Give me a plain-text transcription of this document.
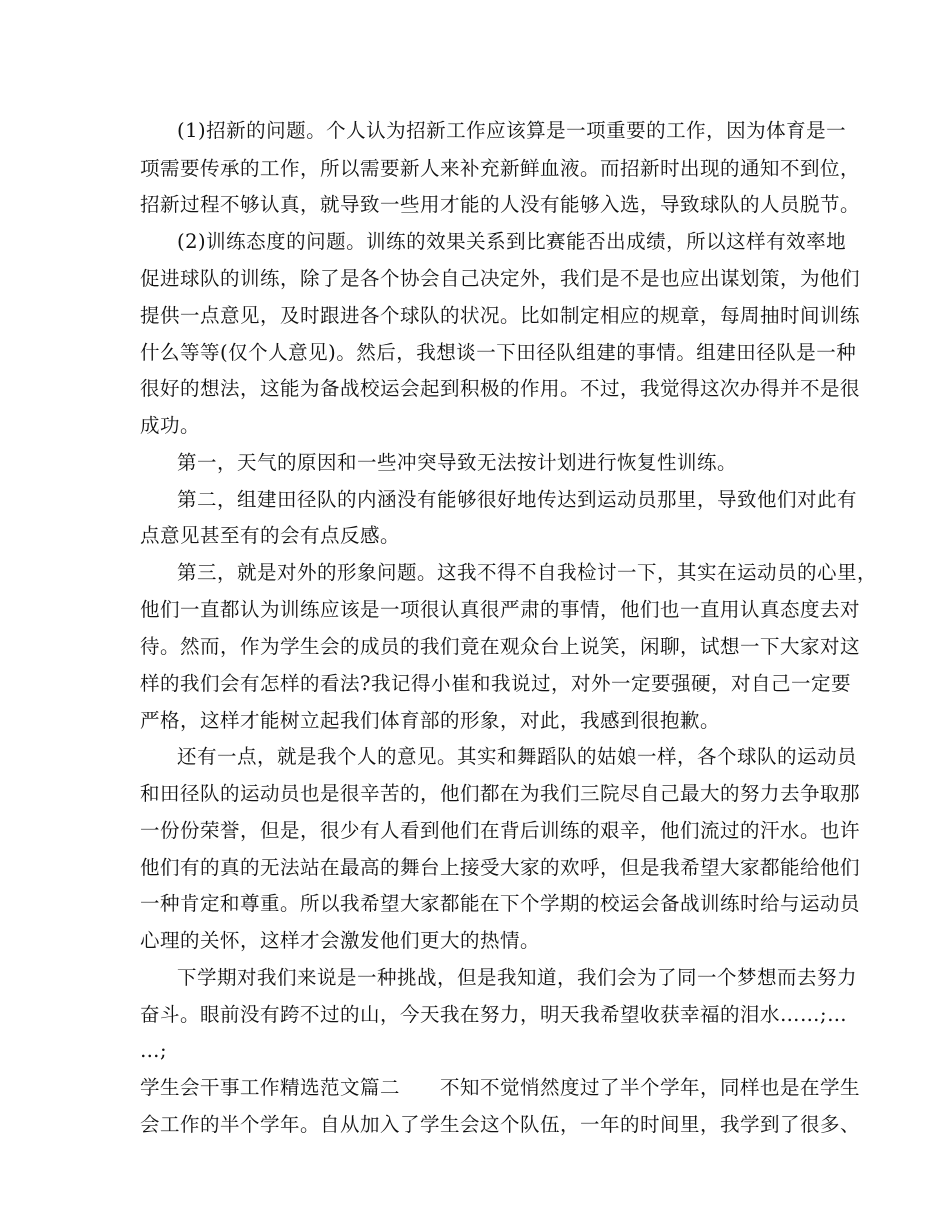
(1)招新的问题。个人认为招新工作应该算是一项重要的工作，因为体育是一
项需要传承的工作，所以需要新人来补充新鲜血液。而招新时出现的通知不到位，
招新过程不够认真，就导致一些用才能的人没有能够入选，导致球队的人员脱节。
(2)训练态度的问题。训练的效果关系到比赛能否出成绩，所以这样有效率地
促进球队的训练，除了是各个协会自己决定外，我们是不是也应出谋划策，为他们
提供一点意见，及时跟进各个球队的状况。比如制定相应的规章，每周抽时间训练
什么等等(仅个人意见)。然后，我想谈一下田径队组建的事情。组建田径队是一种
很好的想法，这能为备战校运会起到积极的作用。不过，我觉得这次办得并不是很
成功。
第一，天气的原因和一些冲突导致无法按计划进行恢复性训练。
第二，组建田径队的内涵没有能够很好地传达到运动员那里，导致他们对此有
点意见甚至有的会有点反感。
第三，就是对外的形象问题。这我不得不自我检讨一下，其实在运动员的心里，
他们一直都认为训练应该是一项很认真很严肃的事情，他们也一直用认真态度去对
待。然而，作为学生会的成员的我们竟在观众台上说笑，闲聊，试想一下大家对这
样的我们会有怎样的看法?我记得小崔和我说过，对外一定要强硬，对自己一定要
严格，这样才能树立起我们体育部的形象，对此，我感到很抱歉。
还有一点，就是我个人的意见。其实和舞蹈队的姑娘一样，各个球队的运动员
和田径队的运动员也是很辛苦的，他们都在为我们三院尽自己最大的努力去争取那
一份份荣誉，但是，很少有人看到他们在背后训练的艰辛，他们流过的汗水。也许
他们有的真的无法站在最高的舞台上接受大家的欢呼，但是我希望大家都能给他们
一种肯定和尊重。所以我希望大家都能在下个学期的校运会备战训练时给与运动员
心理的关怀，这样才会激发他们更大的热情。
下学期对我们来说是一种挑战，但是我知道，我们会为了同一个梦想而去努力
奋斗。眼前没有跨不过的山，今天我在努力，明天我希望收获幸福的泪水……;…
…;
学生会干事工作精选范文篇二　　不知不觉悄然度过了半个学年，同样也是在学生
会工作的半个学年。自从加入了学生会这个队伍，一年的时间里，我学到了很多、
